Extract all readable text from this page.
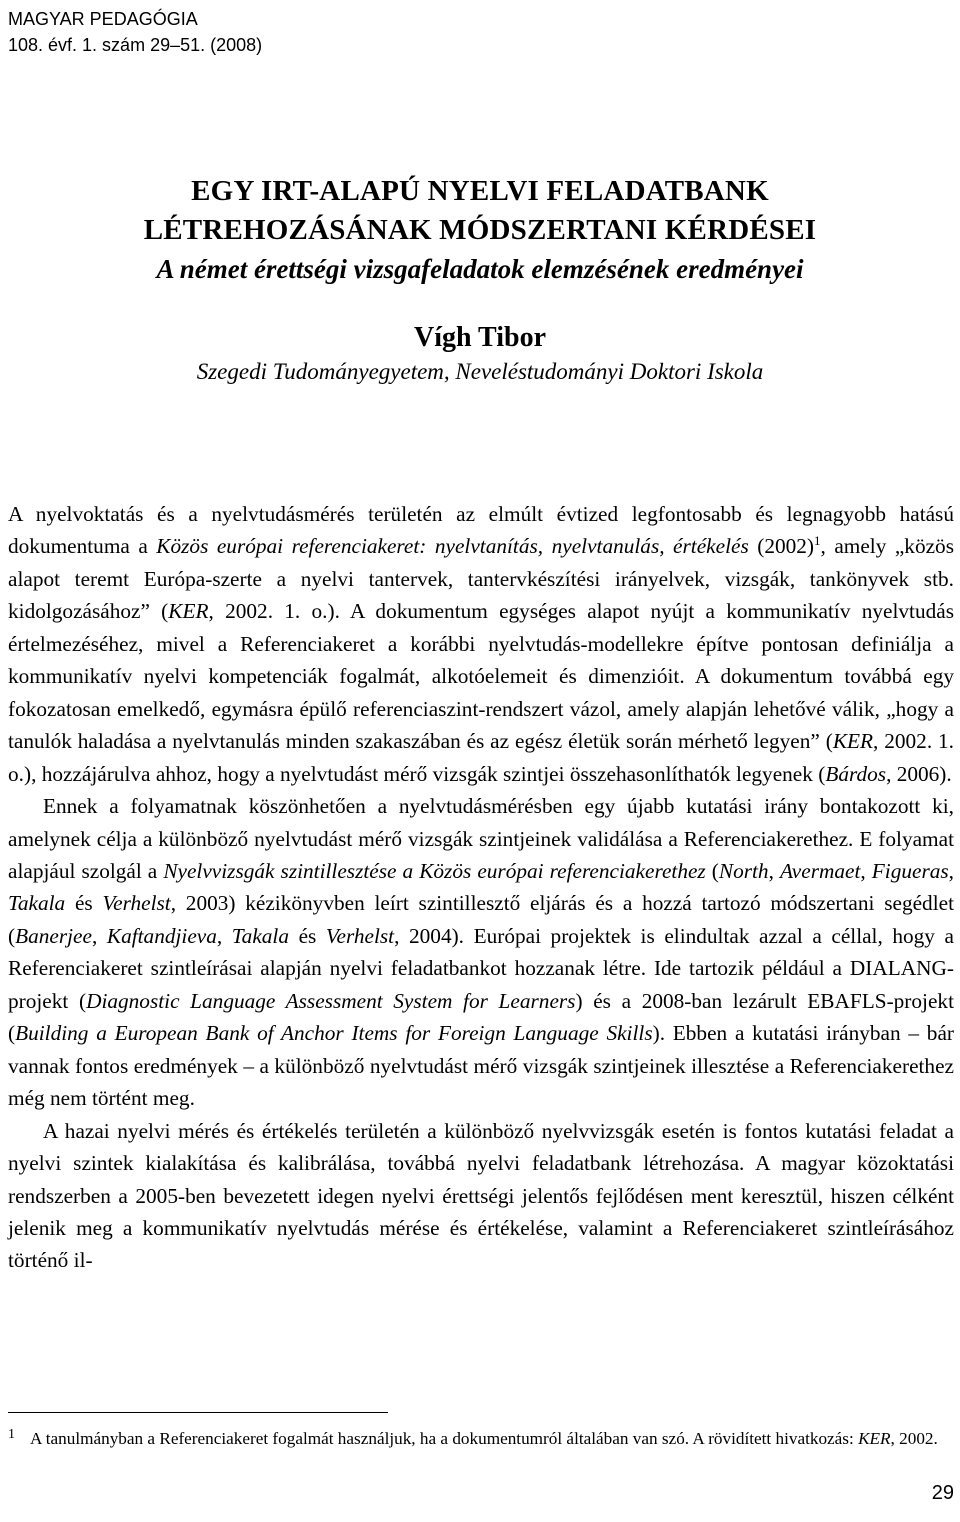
MAGYAR PEDAGÓGIA
108. évf. 1. szám 29–51. (2008)
EGY IRT-ALAPÚ NYELVI FELADATBANK
LÉTREHOZÁSÁNAK MÓDSZERTANI KÉRDÉSEI
A német érettségi vizsgafeladatok elemzésének eredményei
Vígh Tibor
Szegedi Tudományegyetem, Neveléstudományi Doktori Iskola

A nyelvoktatás és a nyelvtudásmérés területén az elmúlt évtized legfontosabb és legnagyobb hatású dokumentuma a Közös európai referenciakeret: nyelvtanítás, nyelvtanulás, értékelés $(2002)^1$, amely „közös alapot teremt Európa-szerte a nyelvi tantervek, tantervkészítési irányelvek, vizsgák, tankönyvek stb. kidolgozásához” (KER, 2002. 1. o.). A dokumentum egységes alapot nyújt a kommunikatív nyelvtudás értelmezéséhez, mivel a Referenciakeret a korábbi nyelvtudás-modellekre építve pontosan definiálja a kommunikatív nyelvi kompetenciák fogalmát, alkotóelemeit és dimenzióit. A dokumentum továbbá egy fokozatosan emelkedő, egymásra épülő referenciaszint-rendszert vázol, amely alapján lehetővé válik, „hogy a tanulók haladása a nyelvtanulás minden szakaszában és az egész életük során mérhető legyen” (KER, 2002. 1. o.), hozzájárulva ahhoz, hogy a nyelvtudást mérő vizsgák szintjei összehasonlíthatók legyenek (Bárdos, 2006).

Ennek a folyamatnak köszönhetően a nyelvtudásmérésben egy újabb kutatási irány bontakozott ki, amelynek célja a különböző nyelvtudást mérő vizsgák szintjeinek validálása a Referenciakerethez. E folyamat alapjául szolgál a Nyelvvizsgák szintillesztése a Közös európai referenciakerethez (North, Avermaet, Figueras, Takala és Verhelst, 2003) kézikönyvben leírt szintillesztő eljárás és a hozzá tartozó módszertani segédlet (Banerjee, Kaftandjieva, Takala és Verhelst, 2004). Európai projektek is elindultak azzal a céllal, hogy a Referenciakeret szintleírásai alapján nyelvi feladatbankot hozzanak létre. Ide tartozik például a DIALANG-projekt (Diagnostic Language Assessment System for Learners) és a 2008-ban lezárult EBAFLS-projekt (Building a European Bank of Anchor Items for Foreign Language Skills). Ebben a kutatási irányban – bár vannak fontos eredmények – a különböző nyelvtudást mérő vizsgák szintjeinek illesztése a Referenciakerethez még nem történt meg.

A hazai nyelvi mérés és értékelés területén a különböző nyelvvizsgák esetén is fontos kutatási feladat a nyelvi szintek kialakítása és kalibrálása, továbbá nyelvi feladatbank létrehozása. A magyar közoktatási rendszerben a 2005-ben bevezetett idegen nyelvi érettségi jelentős fejlődésen ment keresztül, hiszen célként jelenik meg a kommunikatív nyelvtudás mérése és értékelése, valamint a Referenciakeret szintleírásához történő il-

1 A tanulmányban a Referenciakeret fogalmát használjuk, ha a dokumentumról általában van szó. A rövidített hivatkozás: KER, 2002.
29
